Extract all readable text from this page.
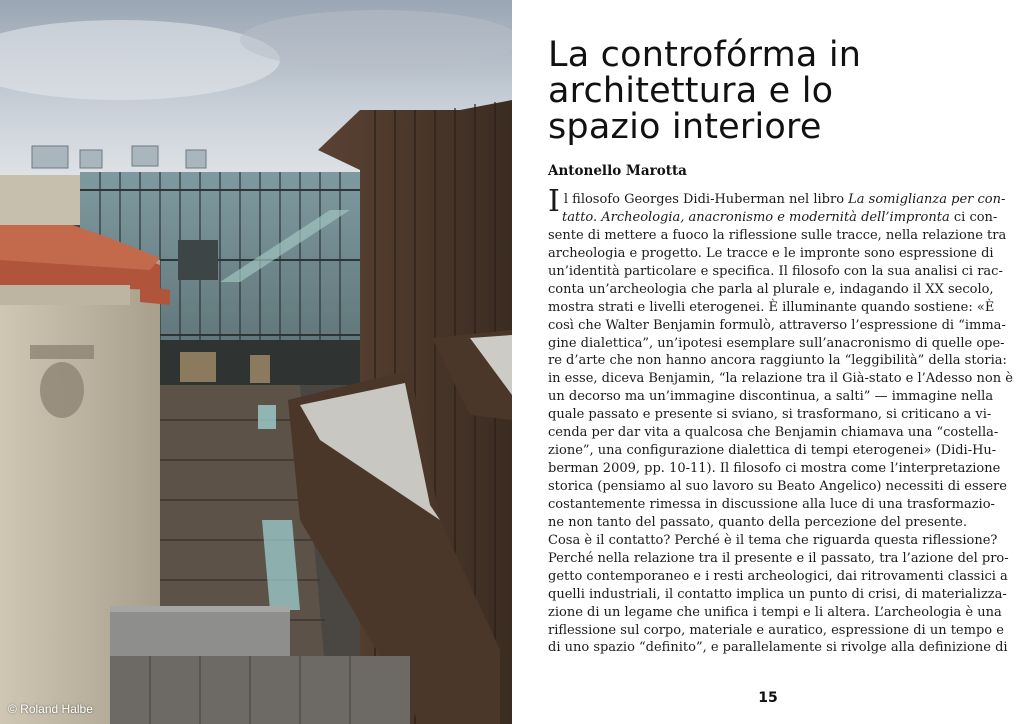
© Roland Halbe
La controfórma in
architettura e lo
spazio interiore
Antonello Marotta
Il filosofo Georges Didi-Huberman nel libro La somiglianza per con-
tatto. Archeologia, anacronismo e modernità dell’impronta ci con-
sente di mettere a fuoco la riflessione sulle tracce, nella relazione tra
archeologia e progetto. Le tracce e le impronte sono espressione di
un’identità particolare e specifica. Il filosofo con la sua analisi ci rac-
conta un’archeologia che parla al plurale e, indagando il XX secolo,
mostra strati e livelli eterogenei. È illuminante quando sostiene: «È
così che Walter Benjamin formulò, attraverso l’espressione di “imma-
gine dialettica”, un’ipotesi esemplare sull’anacronismo di quelle ope-
re d’arte che non hanno ancora raggiunto la “leggibilità” della storia:
in esse, diceva Benjamin, “la relazione tra il Già-stato e l’Adesso non è
un decorso ma un’immagine discontinua, a salti” — immagine nella
quale passato e presente si sviano, si trasformano, si criticano a vi-
cenda per dar vita a qualcosa che Benjamin chiamava una “costella-
zione”, una configurazione dialettica di tempi eterogenei» (Didi-Hu-
berman 2009, pp. 10-11). Il filosofo ci mostra come l’interpretazione
storica (pensiamo al suo lavoro su Beato Angelico) necessiti di essere
costantemente rimessa in discussione alla luce di una trasformazio-
ne non tanto del passato, quanto della percezione del presente.
Cosa è il contatto? Perché è il tema che riguarda questa riflessione?
Perché nella relazione tra il presente e il passato, tra l’azione del pro-
getto contemporaneo e i resti archeologici, dai ritrovamenti classici a
quelli industriali, il contatto implica un punto di crisi, di materializza-
zione di un legame che unifica i tempi e li altera. L’archeologia è una
riflessione sul corpo, materiale e auratico, espressione di un tempo e
di uno spazio “definito”, e parallelamente si rivolge alla definizione di
15
